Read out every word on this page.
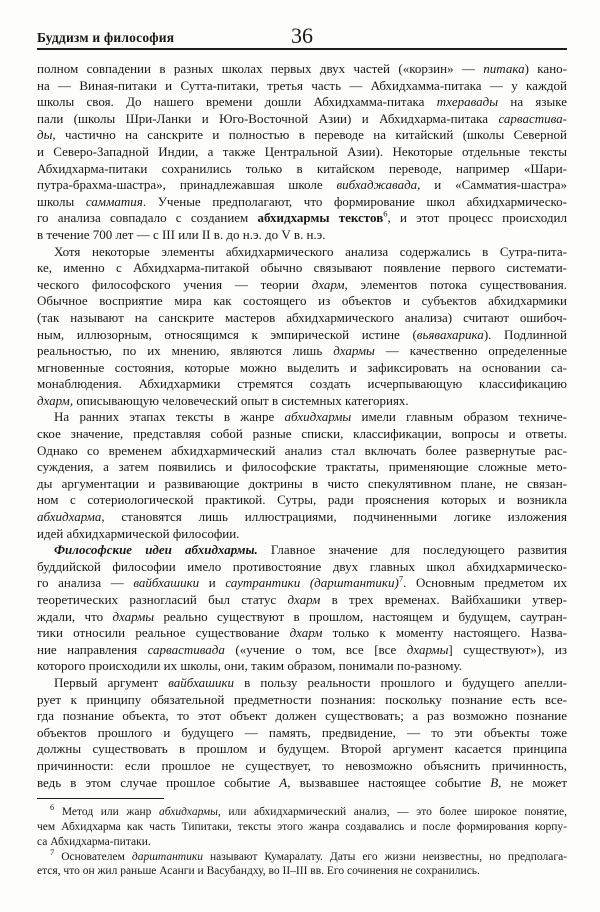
Буддизм и философия	36
полном совпадении в разных школах первых двух частей («корзин» — питака) кано-
на — Виная-питаки и Сутта-питаки, третья часть — Абхидхамма-питака — у каждой
школы своя. До нашего времени дошли Абхидхамма-питака тхеравады на языке
пали (школы Шри-Ланки и Юго-Восточной Азии) и Абхидхарма-питака сарвастива-
ды, частично на санскрите и полностью в переводе на китайский (школы Северной
и Северо-Западной Индии, а также Центральной Азии). Некоторые отдельные тексты
Абхидхарма-питаки сохранились только в китайском переводе, например «Шари-
путра-брахма-шастра», принадлежавшая школе вибхаджавада, и «Самматия-шастра»
школы самматия. Ученые предполагают, что формирование школ абхидхармическо-
го анализа совпадало с созданием абхидхармы текстов$^6$, и этот процесс происходил
в течение 700 лет — с III или II в. до н.э. до V в. н.э.
Хотя некоторые элементы абхидхармического анализа содержались в Сутра-пита-
ке, именно с Абхидхарма-питакой обычно связывают появление первого системати-
ческого философского учения — теории дхарм, элементов потока существования.
Обычное восприятие мира как состоящего из объектов и субъектов абхидхармики
(так называют на санскрите мастеров абхидхармического анализа) считают ошибоч-
ным, иллюзорным, относящимся к эмпирической истине (вьявахарика). Подлинной
реальностью, по их мнению, являются лишь дхармы — качественно определенные
мгновенные состояния, которые можно выделить и зафиксировать на основании са-
монаблюдения. Абхидхармики стремятся создать исчерпывающую классификацию
дхарм, описывающую человеческий опыт в системных категориях.
На ранних этапах тексты в жанре абхидхармы имели главным образом техниче-
ское значение, представляя собой разные списки, классификации, вопросы и ответы.
Однако со временем абхидхармический анализ стал включать более развернутые рас-
суждения, а затем появились и философские трактаты, применяющие сложные мето-
ды аргументации и развивающие доктрины в чисто спекулятивном плане, не связан-
ном с сотериологической практикой. Сутры, ради прояснения которых и возникла
абхидхарма, становятся лишь иллюстрациями, подчиненными логике изложения
идей абхидхармической философии.
Философские идеи абхидхармы. Главное значение для последующего развития
буддийской философии имело противостояние двух главных школ абхидхармическо-
го анализа — вайбхашики и саутрантики (дарштантики)$^7$. Основным предметом их
теоретических разногласий был статус дхарм в трех временах. Вайбхашики утвер-
ждали, что дхармы реально существуют в прошлом, настоящем и будущем, саутран-
тики относили реальное существование дхарм только к моменту настоящего. Назва-
ние направления сарвастивада («учение о том, все [все дхармы] существуют»), из
которого происходили их школы, они, таким образом, понимали по-разному.
Первый аргумент вайбхашики в пользу реальности прошлого и будущего апелли-
рует к принципу обязательной предметности познания: поскольку познание есть все-
гда познание объекта, то этот объект должен существовать; а раз возможно познание
объектов прошлого и будущего — память, предвидение, — то эти объекты тоже
должны существовать в прошлом и будущем. Второй аргумент касается принципа
причинности: если прошлое не существует, то невозможно объяснить причинность,
ведь в этом случае прошлое событие А, вызвавшее настоящее событие В, не может
$^6$ Метод или жанр абхидхармы, или абхидхармический анализ, — это более широкое понятие,
чем Абхидхарма как часть Типитаки, тексты этого жанра создавались и после формирования корпу-
са Абхидхарма-питаки.
$^7$ Основателем дарштантики называют Кумаралату. Даты его жизни неизвестны, но предполага-
ется, что он жил раньше Асанги и Васубандху, во II–III вв. Его сочинения не сохранились.
